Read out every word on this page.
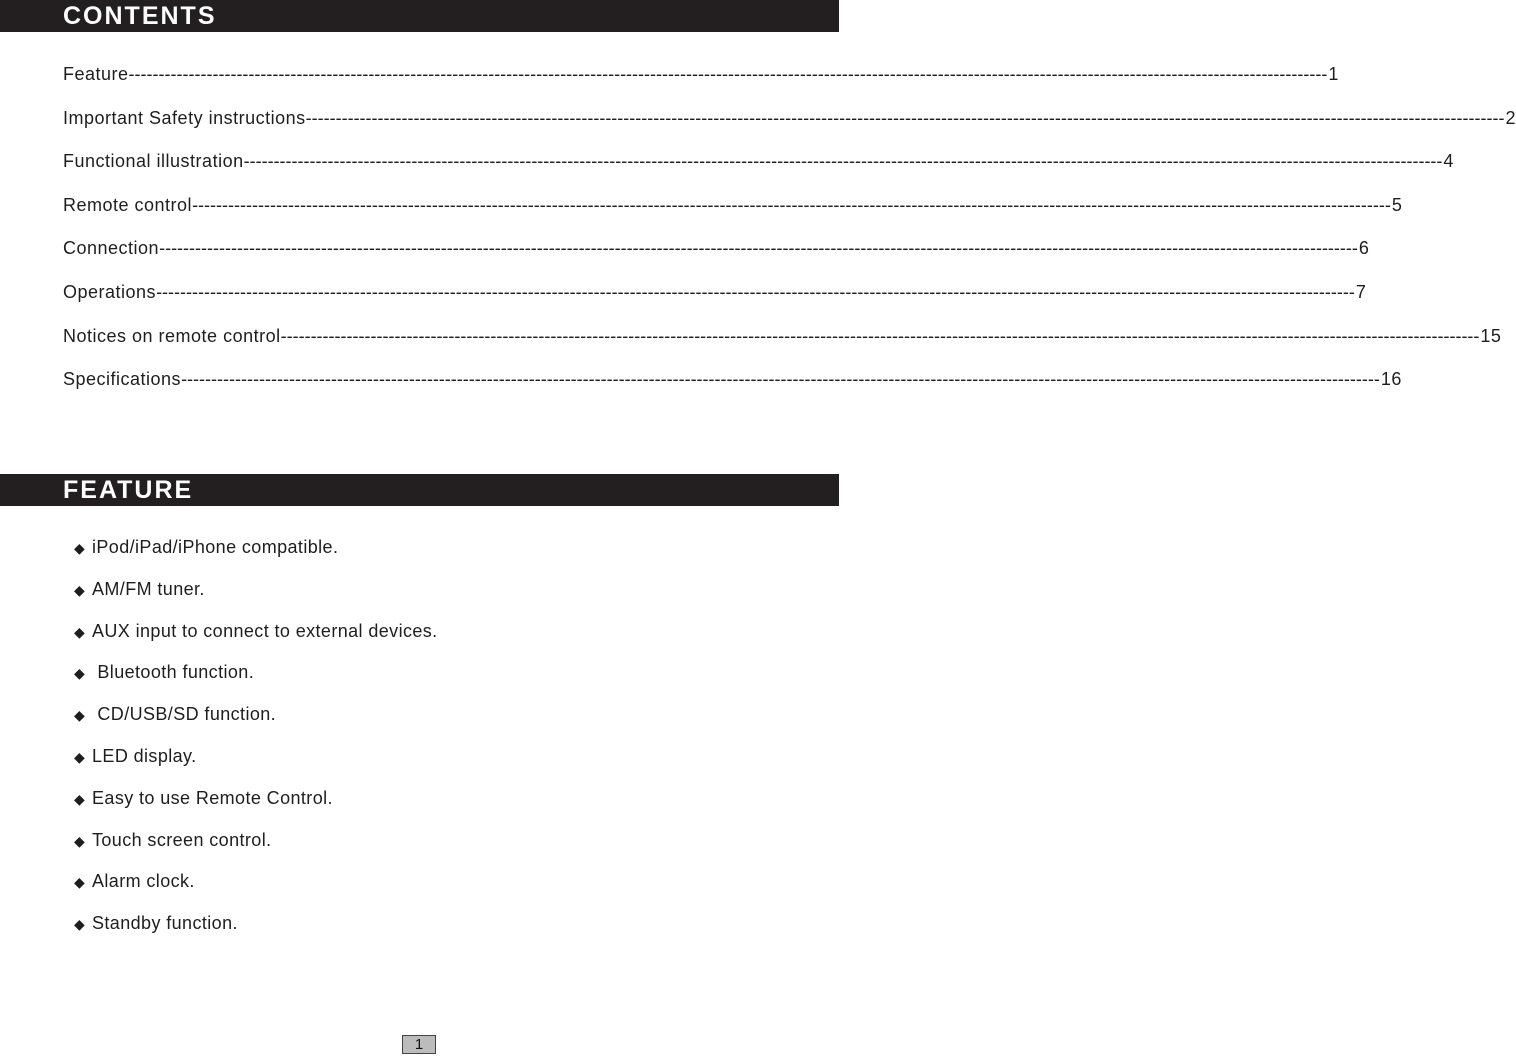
CONTENTS
Feature -------------------------------------------------------------------------------------------------------------------------------------------------------------------------------------------------------- 1
Important Safety instructions -------------------------------------------------------------------------------------------------------------------------------------------------------------------------------------------------------- 2
Functional illustration -------------------------------------------------------------------------------------------------------------------------------------------------------------------------------------------------------- 4
Remote control -------------------------------------------------------------------------------------------------------------------------------------------------------------------------------------------------------- 5
Connection -------------------------------------------------------------------------------------------------------------------------------------------------------------------------------------------------------- 6
Operations -------------------------------------------------------------------------------------------------------------------------------------------------------------------------------------------------------- 7
Notices on remote control -------------------------------------------------------------------------------------------------------------------------------------------------------------------------------------------------------- 15
Specifications -------------------------------------------------------------------------------------------------------------------------------------------------------------------------------------------------------- 16
FEATURE
◆ iPod/iPad/iPhone compatible.
◆ AM/FM tuner.
◆ AUX input to connect to external devices.
◆ Bluetooth function.
◆ CD/USB/SD function.
◆ LED display.
◆ Easy to use Remote Control.
◆ Touch screen control.
◆ Alarm clock.
◆ Standby function.
1
